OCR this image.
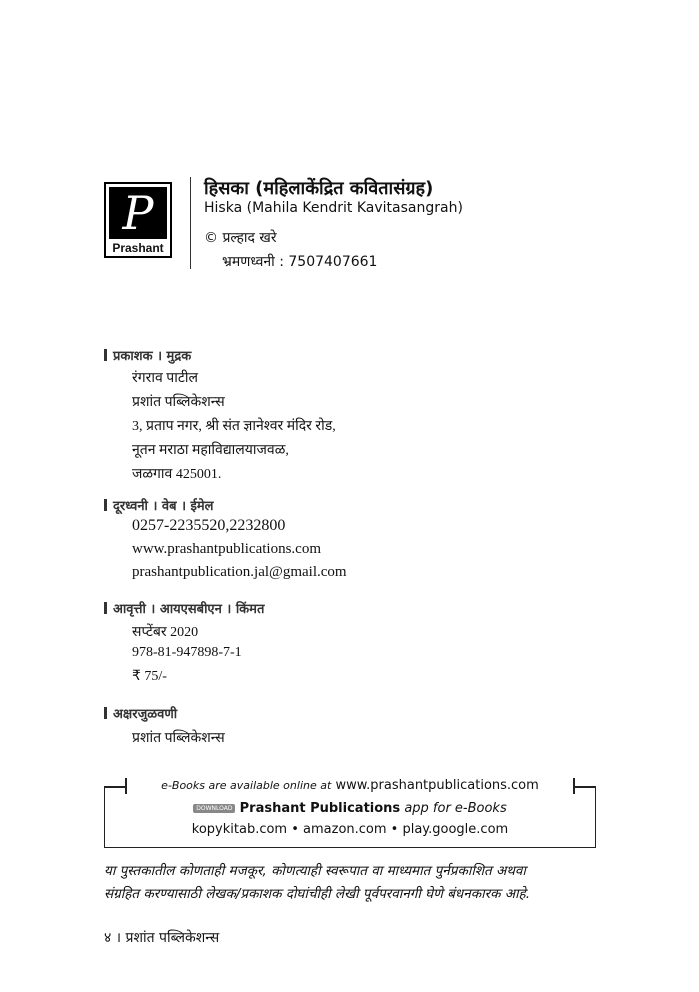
P
Prashant
हिसका (महिलाकेंद्रित कवितासंग्रह)
Hiska (Mahila Kendrit Kavitasangrah)
© प्रल्हाद खरे
भ्रमणध्वनी : 7507407661
प्रकाशक । मुद्रक
रंगराव पाटील
प्रशांत पब्लिकेशन्स
3, प्रताप नगर, श्री संत ज्ञानेश्वर मंदिर रोड,
नूतन मराठा महाविद्यालयाजवळ,
जळगाव 425001.
दूरध्वनी । वेब । ईमेल
0257-2235520,2232800
www.prashantpublications.com
prashantpublication.jal@gmail.com
आवृत्ती । आयएसबीएन । किंमत
सप्टेंबर 2020
978-81-947898-7-1
₹ 75/-
अक्षरजुळवणी
प्रशांत पब्लिकेशन्स
e-Books are available online at www.prashantpublications.com
DOWNLOAD Prashant Publications app for e-Books
kopykitab.com • amazon.com • play.google.com
या पुस्तकातील कोणताही मजकूर, कोणत्याही स्वरूपात वा माध्यमात पुर्नप्रकाशित अथवा
संग्रहित करण्यासाठी लेखक/प्रकाशक दोघांचीही लेखी पूर्वपरवानगी घेणे बंधनकारक आहे.
४ । प्रशांत पब्लिकेशन्स
